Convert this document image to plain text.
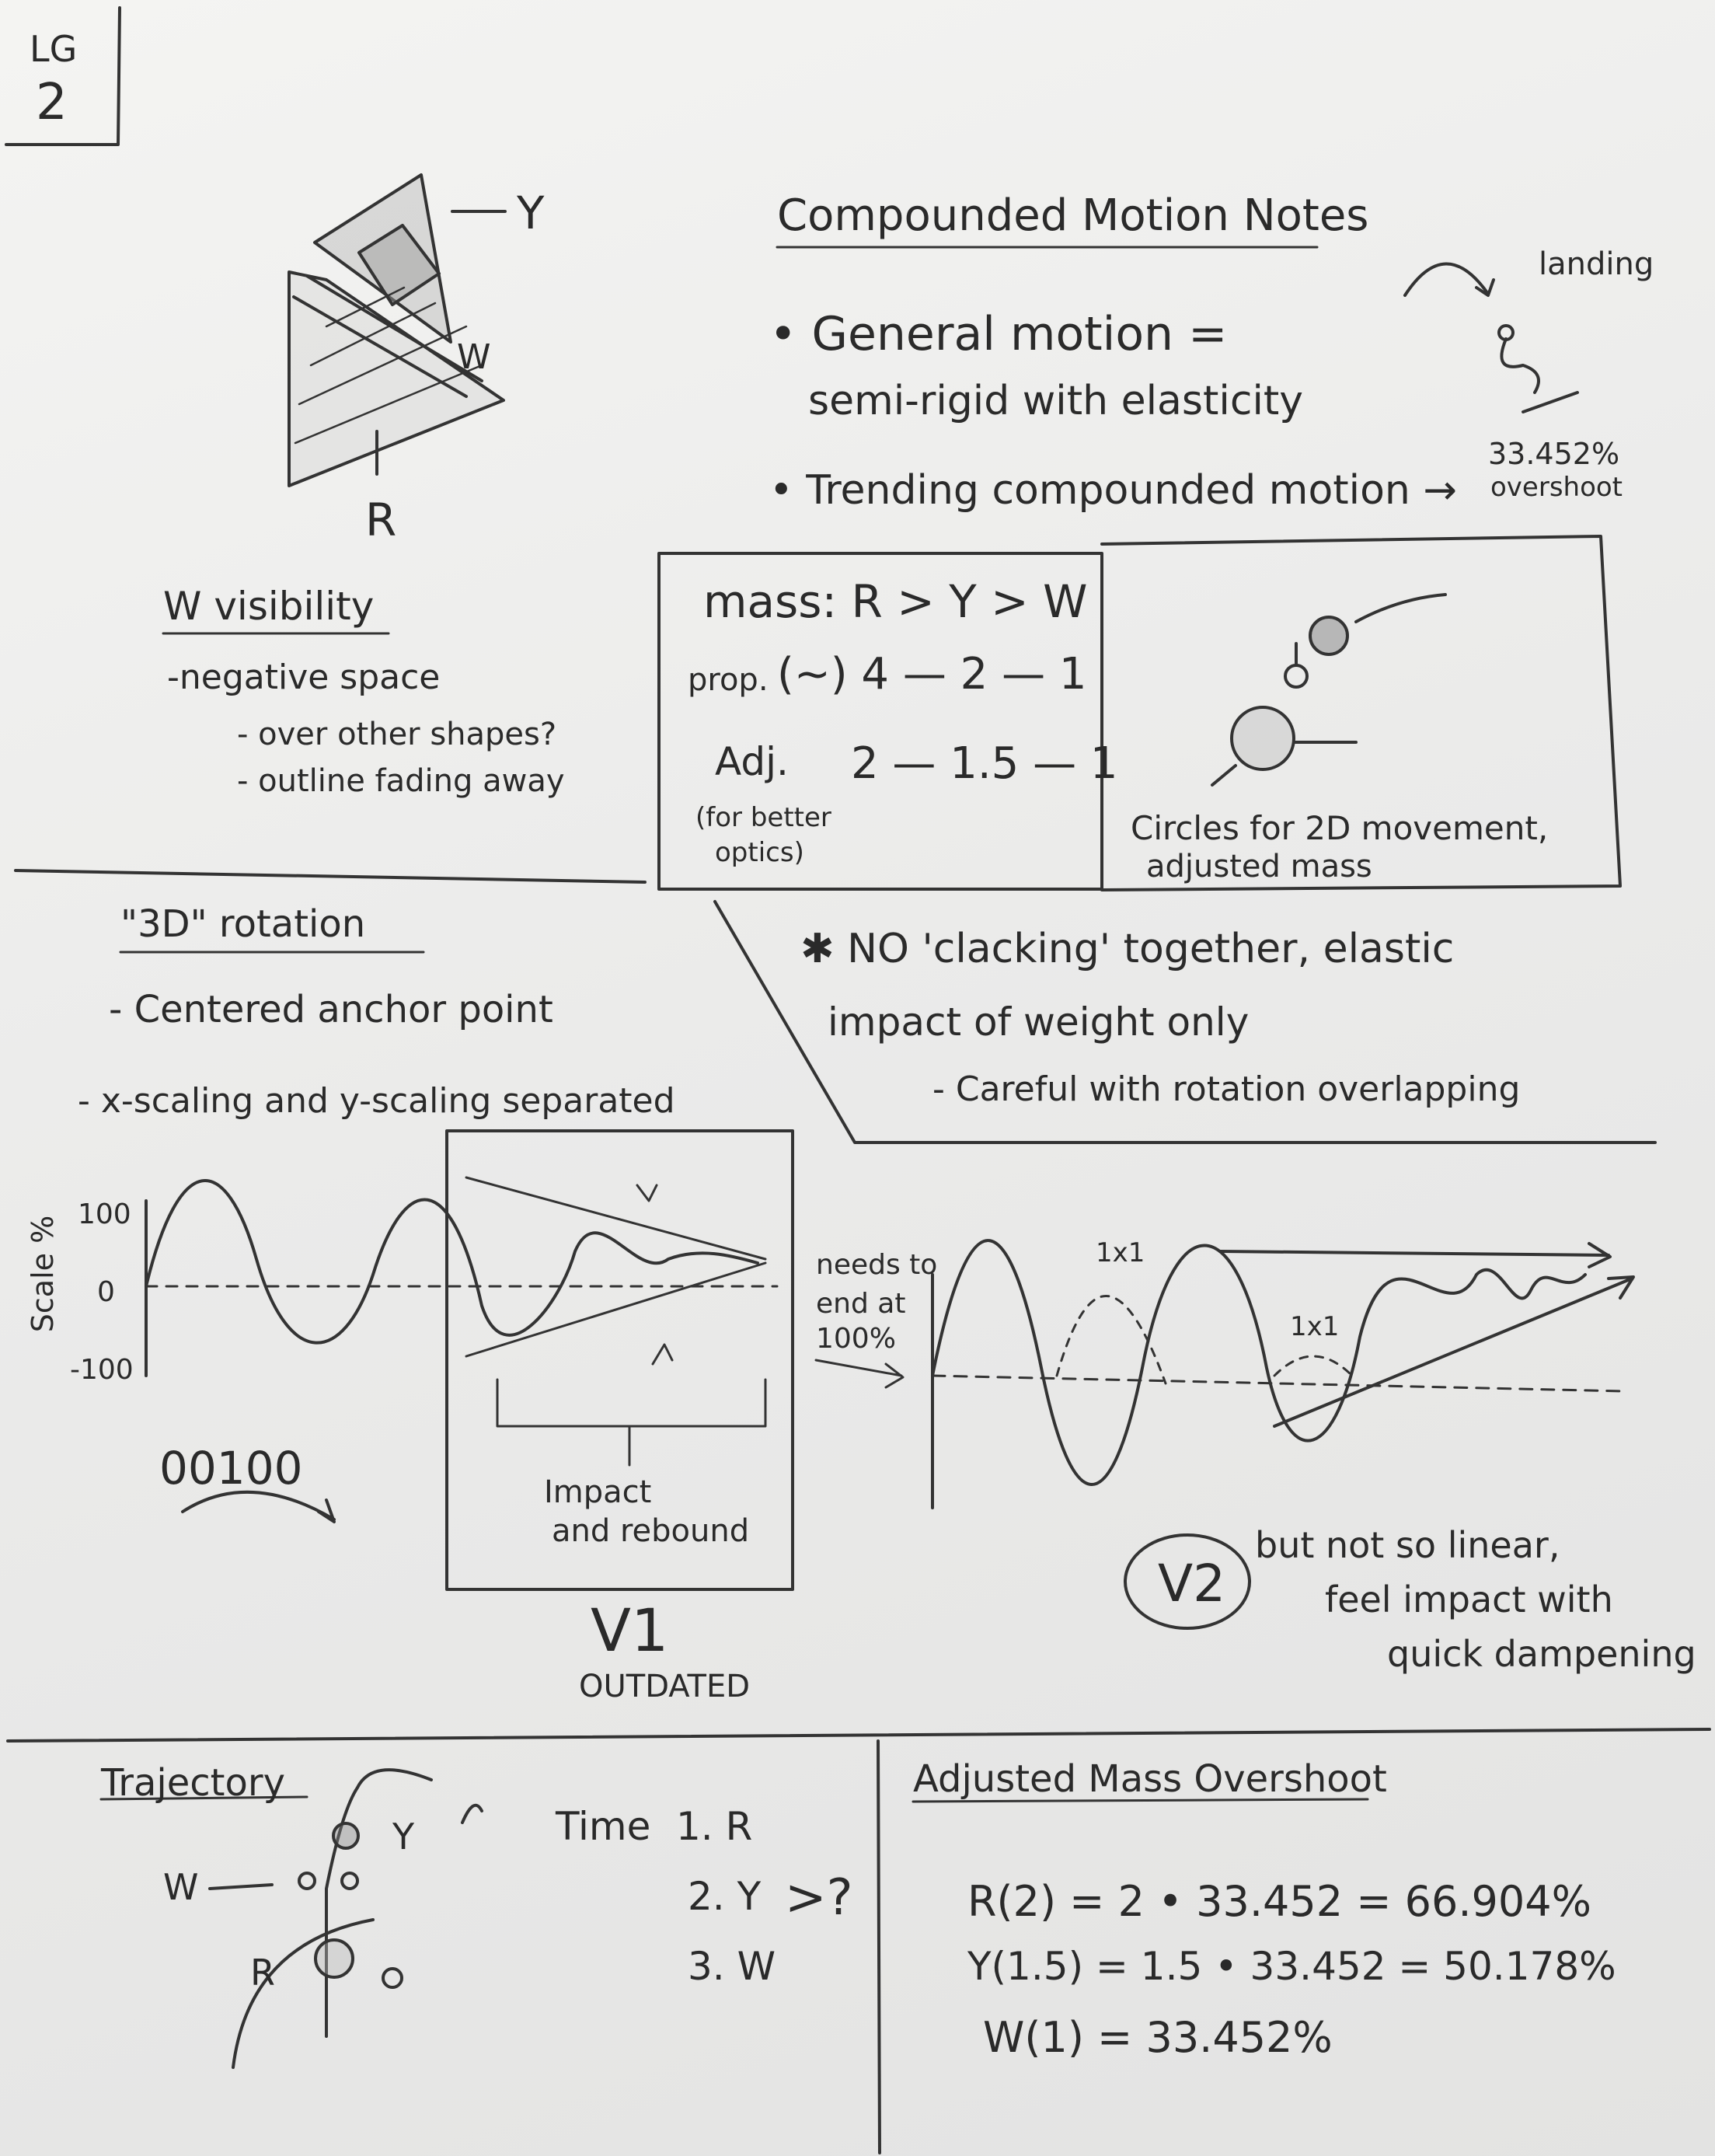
LG
2
Y
W
R
Compounded Motion Notes
• General motion =
semi-rigid with elasticity
• Trending compounded motion →
landing
33.452%
overshoot
W visibility
-negative space
- over other shapes?
- outline fading away
mass: R > Y > W
prop. (~) 4 — 2 — 1
Adj. 2 — 1.5 — 1
(for better
optics)
Circles for 2D movement,
adjusted mass
"3D" rotation
- Centered anchor point
- x-scaling and y-scaling separated
✱ NO 'clacking' together, elastic
impact of weight only
- Careful with rotation overlapping
Scale %
100
0
-100
00100	Impact
and rebound
V1
OUTDATED
needs to
end at
100%
1x1
1x1
V2
but not so linear,
feel impact with
quick dampening
Trajectory
W
Y
R
Time 1. R
2. Y
3. W
>?
Adjusted Mass Overshoot
R(2) = 2 • 33.452 = 66.904%
Y(1.5) = 1.5 • 33.452 = 50.178%
W(1) = 33.452%
